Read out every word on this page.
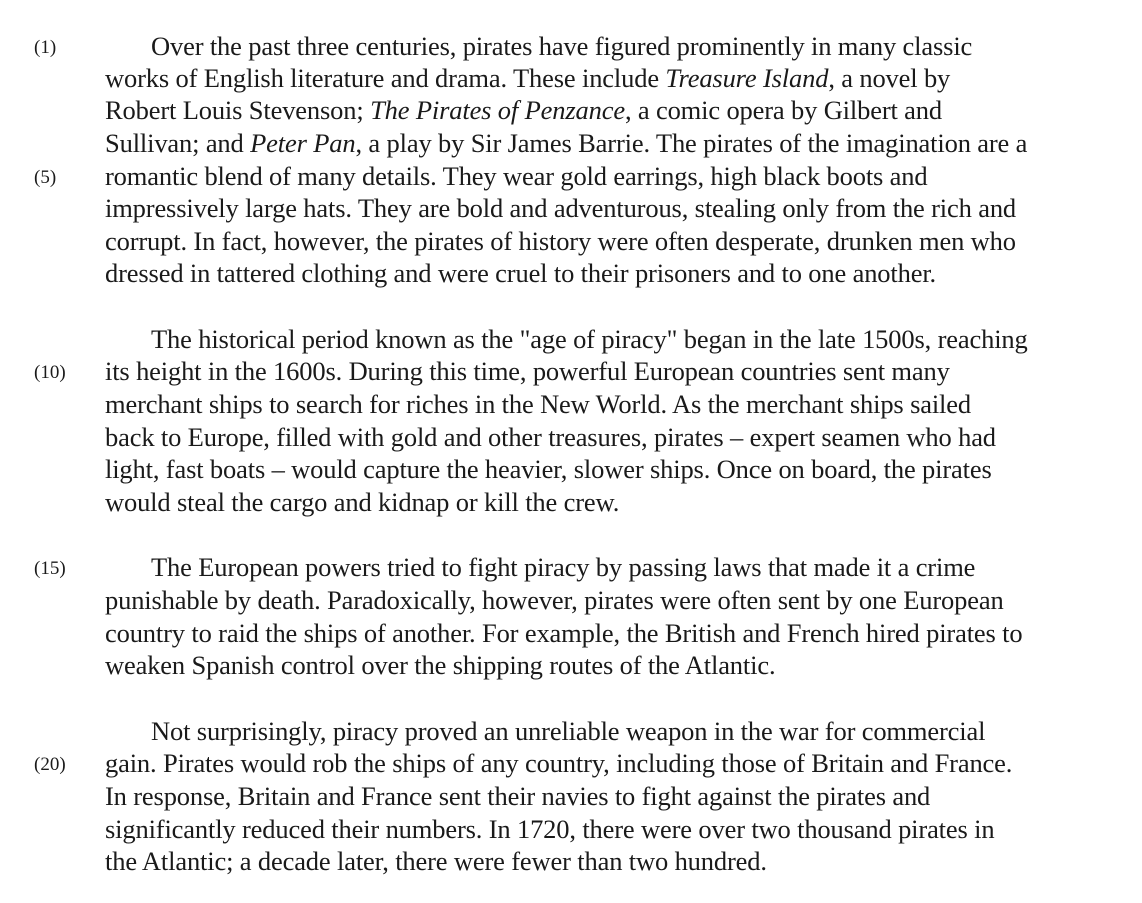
(1)
(5)
(10)
(15)
(20)
Over the past three centuries, pirates have figured prominently in many classic
works of English literature and drama. These include Treasure Island, a novel by
Robert Louis Stevenson; The Pirates of Penzance, a comic opera by Gilbert and
Sullivan; and Peter Pan, a play by Sir James Barrie. The pirates of the imagination are a
romantic blend of many details. They wear gold earrings, high black boots and
impressively large hats. They are bold and adventurous, stealing only from the rich and
corrupt. In fact, however, the pirates of history were often desperate, drunken men who
dressed in tattered clothing and were cruel to their prisoners and to one another.
The historical period known as the "age of piracy" began in the late 1500s, reaching
its height in the 1600s. During this time, powerful European countries sent many
merchant ships to search for riches in the New World. As the merchant ships sailed
back to Europe, filled with gold and other treasures, pirates – expert seamen who had
light, fast boats – would capture the heavier, slower ships. Once on board, the pirates
would steal the cargo and kidnap or kill the crew.
The European powers tried to fight piracy by passing laws that made it a crime
punishable by death. Paradoxically, however, pirates were often sent by one European
country to raid the ships of another. For example, the British and French hired pirates to
weaken Spanish control over the shipping routes of the Atlantic.
Not surprisingly, piracy proved an unreliable weapon in the war for commercial
gain. Pirates would rob the ships of any country, including those of Britain and France.
In response, Britain and France sent their navies to fight against the pirates and
significantly reduced their numbers. In 1720, there were over two thousand pirates in
the Atlantic; a decade later, there were fewer than two hundred.
